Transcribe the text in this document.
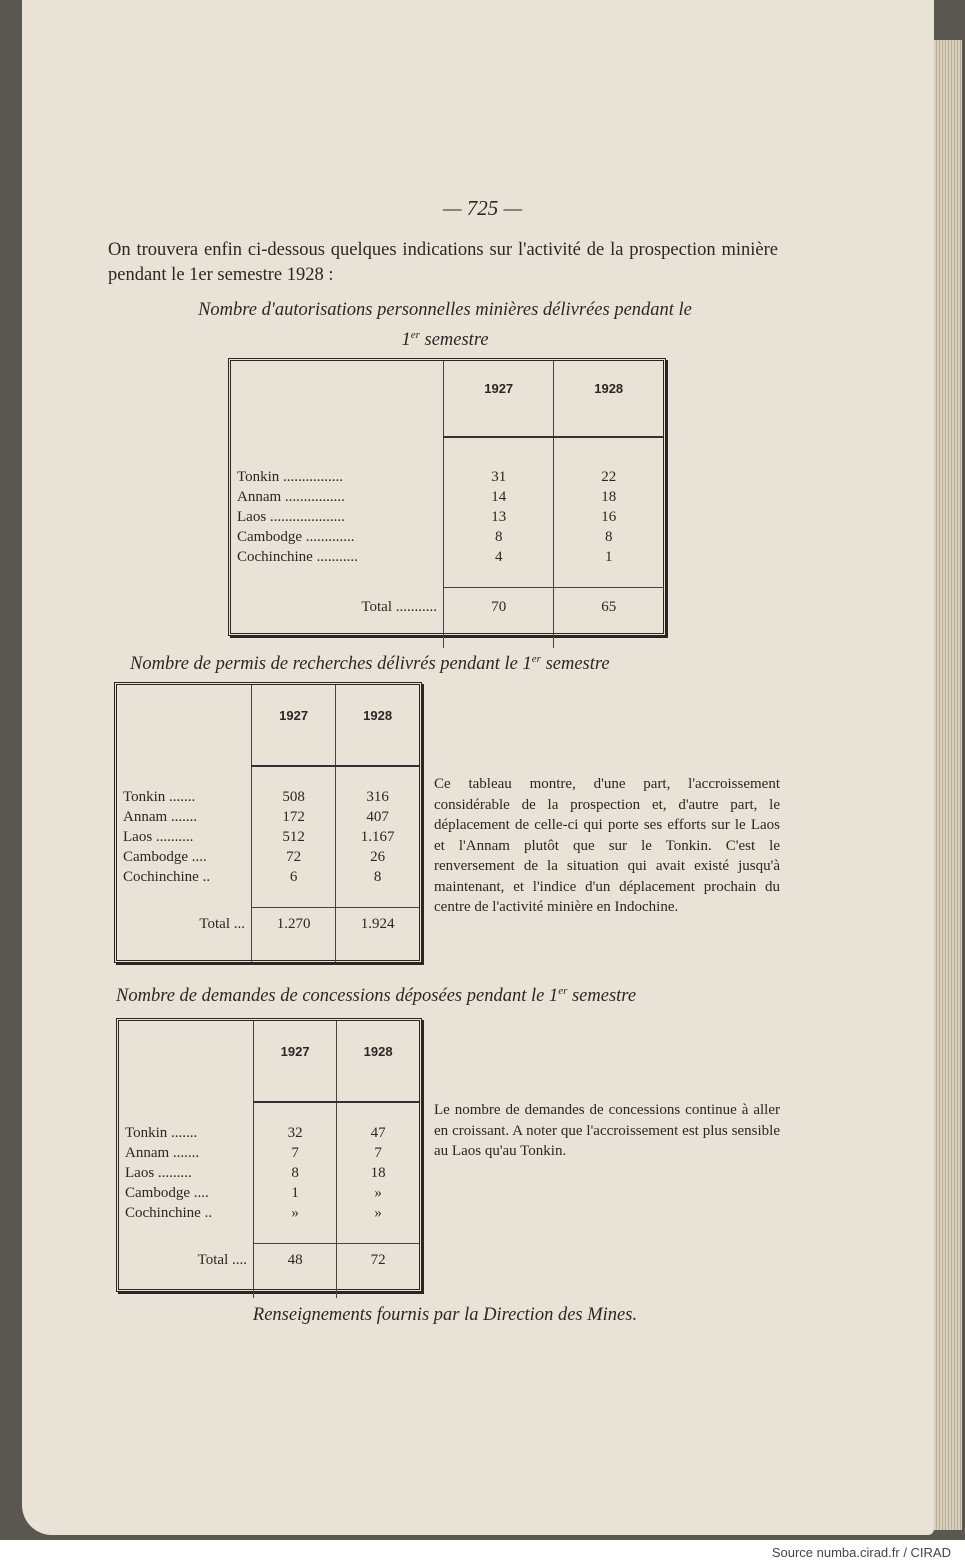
— 725 —
On trouvera enfin ci-dessous quelques indications sur l'activité de la prospection minière pendant le 1er semestre 1928 :
Nombre d'autorisations personnelles minières délivrées pendant le
1er semestre
	1927	1928

Tonkin ................	31	22
Annam ................	14	18
Laos ....................	13	16
Cambodge .............	8	8
Cochinchine ...........	4	1

Total ...........	70	65

Nombre de permis de recherches délivrés pendant le 1er semestre
	1927	1928

Tonkin .......	508	316
Annam .......	172	407
Laos ..........	512	1.167
Cambodge ....	72	26
Cochinchine ..	6	8

Total ...	1.270	1.924

Ce tableau montre, d'une part, l'accroissement considérable de la prospection et, d'autre part, le déplacement de celle-ci qui porte ses efforts sur le Laos et l'Annam plutôt que sur le Tonkin. C'est le renversement de la situation qui avait existé jusqu'à maintenant, et l'indice d'un déplacement prochain du centre de l'activité minière en Indochine.
Nombre de demandes de concessions déposées pendant le 1er semestre
	1927	1928

Tonkin .......	32	47
Annam .......	7	7
Laos .........	8	18
Cambodge ....	1	»
Cochinchine ..	»	»

Total ....	48	72

Le nombre de demandes de concessions continue à aller en croissant. A noter que l'accroissement est plus sensible au Laos qu'au Tonkin.
Renseignements fournis par la Direction des Mines.
Source numba.cirad.fr / CIRAD
